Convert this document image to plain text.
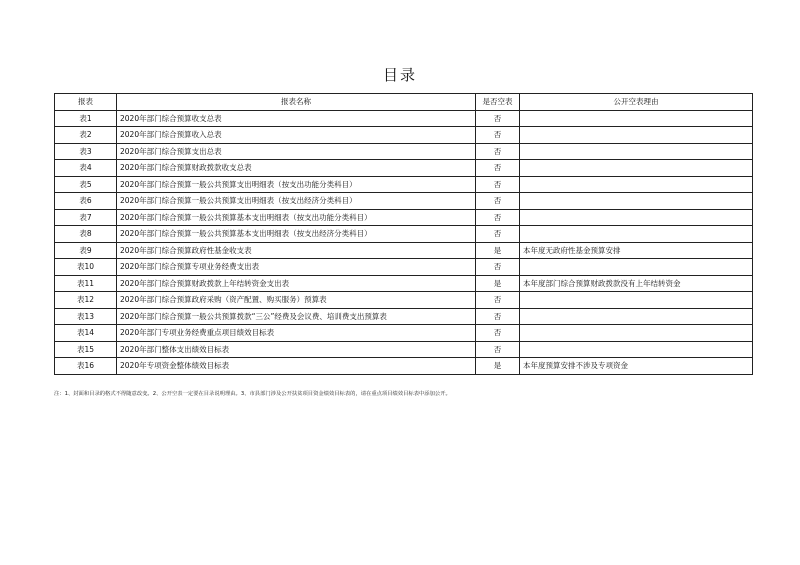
目录
报表	报表名称	是否空表	公开空表理由
表1	2020年部门综合预算收支总表	否	
表2	2020年部门综合预算收入总表	否	
表3	2020年部门综合预算支出总表	否	
表4	2020年部门综合预算财政拨款收支总表	否	
表5	2020年部门综合预算一般公共预算支出明细表（按支出功能分类科目）	否	
表6	2020年部门综合预算一般公共预算支出明细表（按支出经济分类科目）	否	
表7	2020年部门综合预算一般公共预算基本支出明细表（按支出功能分类科目）	否	
表8	2020年部门综合预算一般公共预算基本支出明细表（按支出经济分类科目）	否	
表9	2020年部门综合预算政府性基金收支表	是	本年度无政府性基金预算安排
表10	2020年部门综合预算专项业务经费支出表	否	
表11	2020年部门综合预算财政拨款上年结转资金支出表	是	本年度部门综合预算财政拨款没有上年结转资金
表12	2020年部门综合预算政府采购（资产配置、购买服务）预算表	否	
表13	2020年部门综合预算一般公共预算拨款“三公”经费及会议费、培训费支出预算表	否	
表14	2020年部门专项业务经费重点项目绩效目标表	否	
表15	2020年部门整体支出绩效目标表	否	
表16	2020年专项资金整体绩效目标表	是	本年度预算安排不涉及专项资金
注：1、封面和目录的格式不得随意改变。2、公开空表一定要在目录说明理由。3、市县部门涉及公开扶贫项目资金绩效目标表的，请在重点项目绩效目标表中添加公开。
